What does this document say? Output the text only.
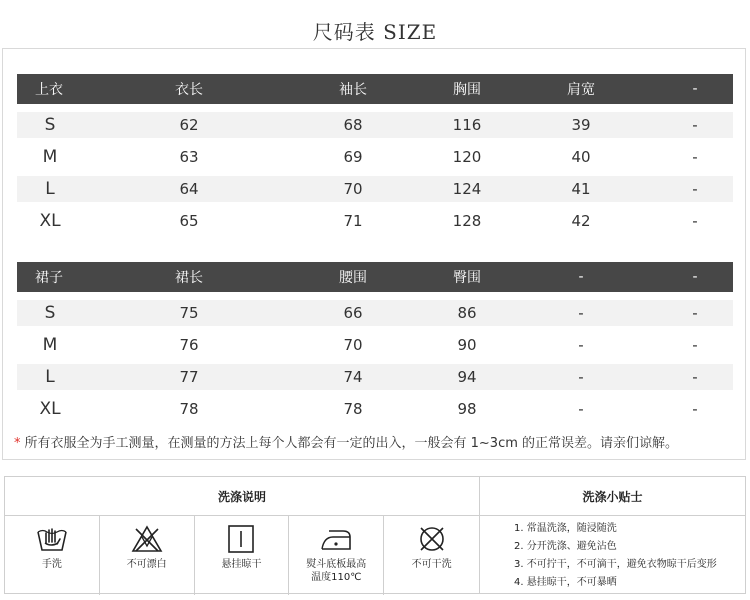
尺码表 SIZE
上衣	衣长	袖长	胸围	肩宽	-
S	62	68	116	39	-
M	63	69	120	40	-
L	64	70	124	41	-
XL	65	71	128	42	-
裙子	裙长	腰围	臀围	-	-
S	75	66	86	-	-
M	76	70	90	-	-
L	77	74	94	-	-
XL	78	78	98	-	-
* 所有衣服全为手工测量，在测量的方法上每个人都会有一定的出入，一般会有 1~3cm 的正常误差。请亲们谅解。
洗涤说明
手洗	不可漂白	悬挂晾干	熨斗底板最高
温度110℃
不可干洗
洗涤小贴士
1. 常温洗涤，随浸随洗
2. 分开洗涤、避免沾色
3. 不可拧干，不可滴干，避免衣物晾干后变形
4. 悬挂晾干，不可暴晒
